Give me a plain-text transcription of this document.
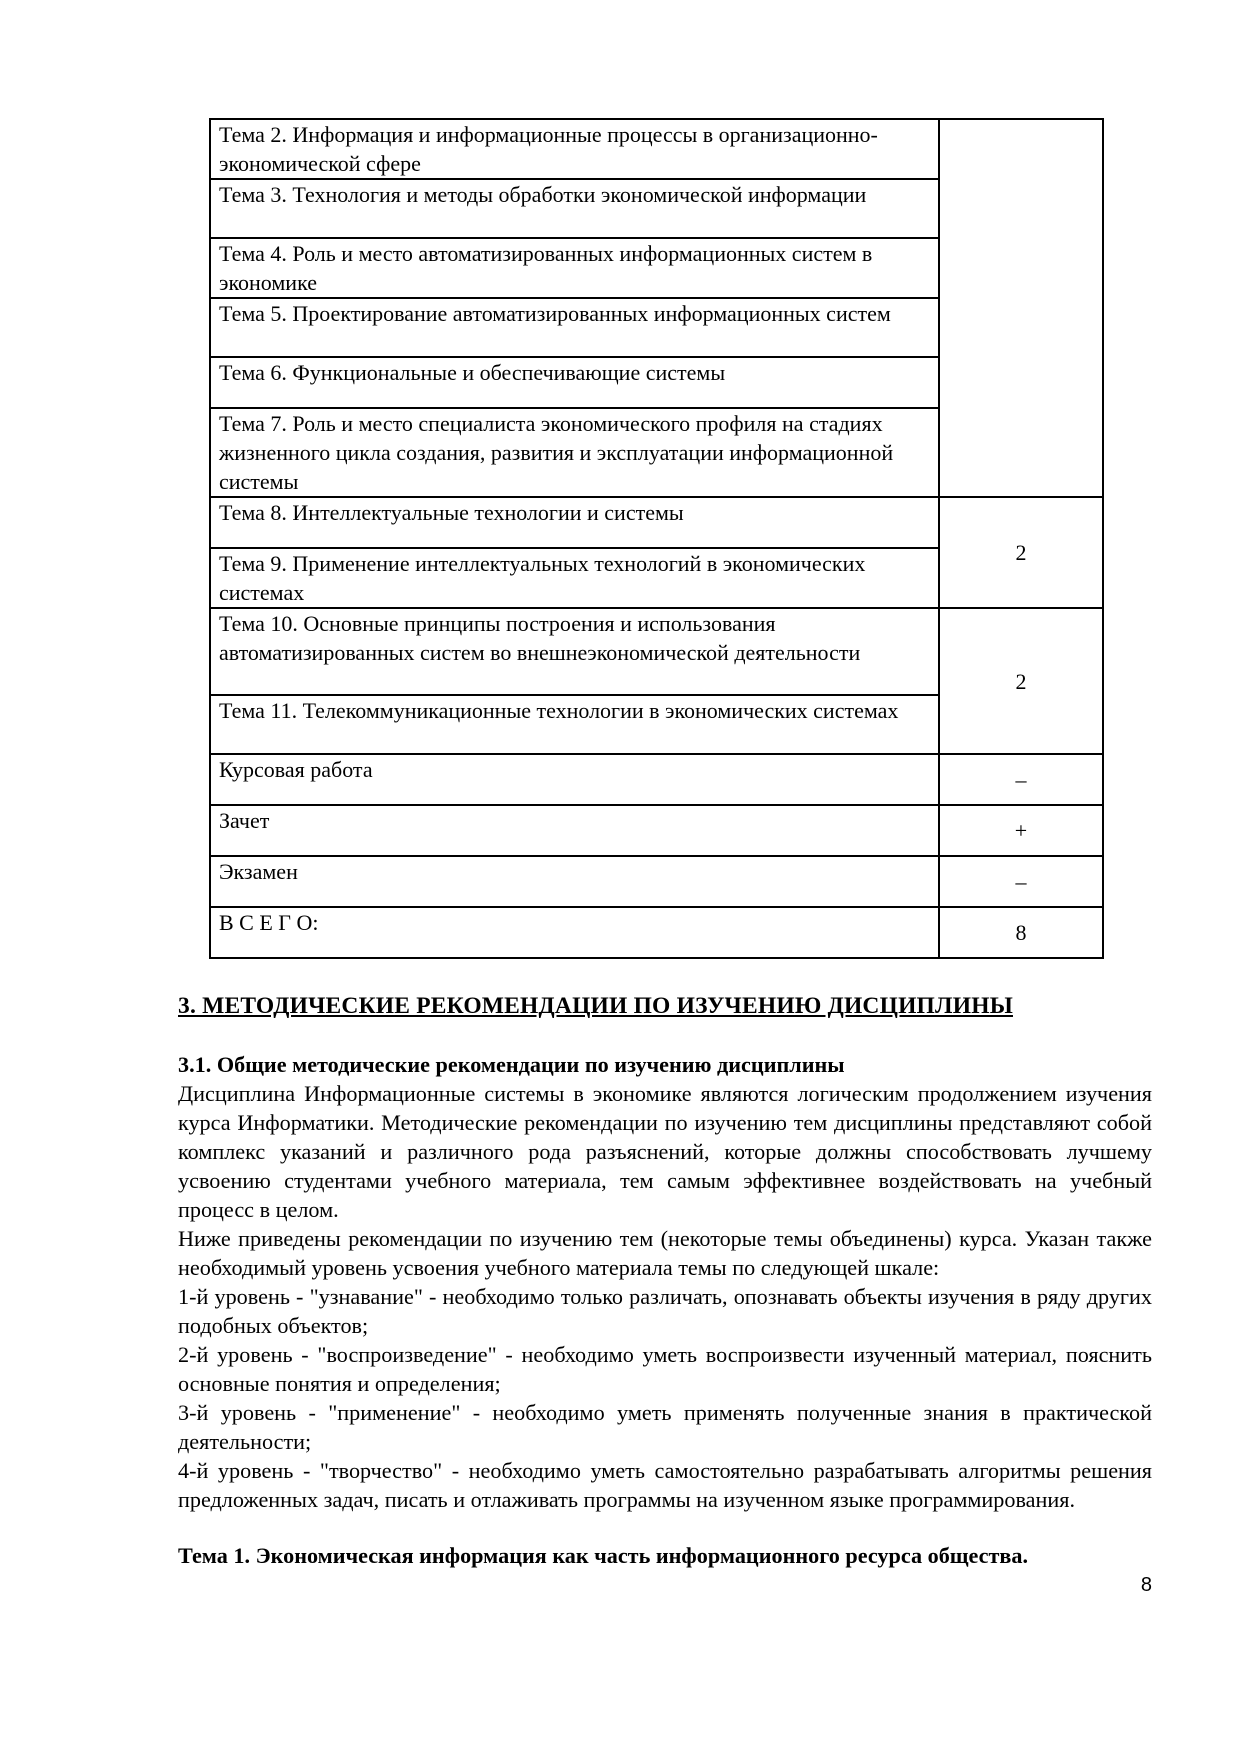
Тема 2. Информация и информационные процессы в организационно-экономической сфере	
Тема 3. Технология и методы обработки экономической информации	
Тема 4. Роль и место автоматизированных информационных систем в экономике	
Тема 5. Проектирование автоматизированных информационных систем	
Тема 6. Функциональные и обеспечивающие системы	
Тема 7. Роль и место специалиста экономического профиля на стадиях жизненного цикла создания, развития и эксплуатации информационной системы	
Тема 8. Интеллектуальные технологии и системы	2
Тема 9. Применение интеллектуальных технологий в экономических системах	
Тема 10. Основные принципы построения и использования автоматизированных систем во внешнеэкономической деятельности	2
Тема 11. Телекоммуникационные технологии в экономических системах	
Курсовая работа	–
Зачет	+
Экзамен	–
В С Е Г О:	8
3. МЕТОДИЧЕСКИЕ РЕКОМЕНДАЦИИ ПО ИЗУЧЕНИЮ ДИСЦИПЛИНЫ

3.1. Общие методические рекомендации по изучению дисциплины

Дисциплина Информационные системы в экономике являются логическим продолжением изучения курса Информатики. Методические рекомендации по изучению тем дисциплины представляют собой комплекс указаний и различного рода разъяснений, которые должны способствовать лучшему усвоению студентами учебного материала, тем самым эффективнее воздействовать на учебный процесс в целом.

Ниже приведены рекомендации по изучению тем (некоторые темы объединены) курса. Указан также необходимый уровень усвоения учебного материала темы по следующей шкале:

1-й уровень - "узнавание" - необходимо только различать, опознавать объекты изучения в ряду других подобных объектов;

2-й уровень - "воспроизведение" - необходимо уметь воспроизвести изученный материал, пояснить основные понятия и определения;

3-й уровень - "применение" - необходимо уметь применять полученные знания в практической деятельности;

4-й уровень - "творчество" - необходимо уметь самостоятельно разрабатывать алгоритмы решения предложенных задач, писать и отлаживать программы на изученном языке программирования.

Тема 1. Экономическая информация как часть информационного ресурса общества.
8
